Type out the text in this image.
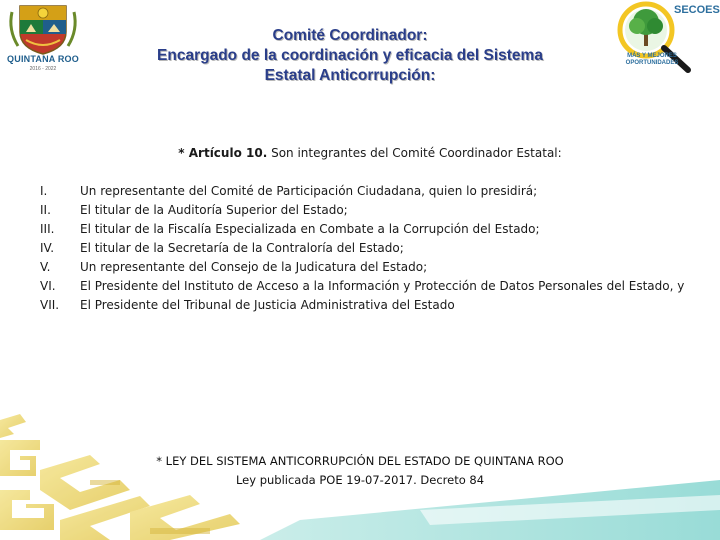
QUINTANA ROO
2016 - 2022
Comité Coordinador:
Encargado de la coordinación y eficacia del Sistema
Estatal Anticorrupción:
SECOES
MÁS Y MEJORES
OPORTUNIDADES
* Artículo 10. Son integrantes del Comité Coordinador Estatal:
I.	Un representante del Comité de Participación Ciudadana, quien lo presidirá;
II.	El titular de la Auditoría Superior del Estado;
III.	El titular de la Fiscalía Especializada en Combate a la Corrupción del Estado;
IV.	El titular de la Secretaría de la Contraloría del Estado;
V.	Un representante del Consejo de la Judicatura del Estado;
VI.	El Presidente del Instituto de Acceso a la Información y Protección de Datos Personales del Estado, y
VII.	El Presidente del Tribunal de Justicia Administrativa del Estado
* LEY DEL SISTEMA ANTICORRUPCIÓN DEL ESTADO DE QUINTANA ROO
Ley publicada POE 19-07-2017. Decreto 84
